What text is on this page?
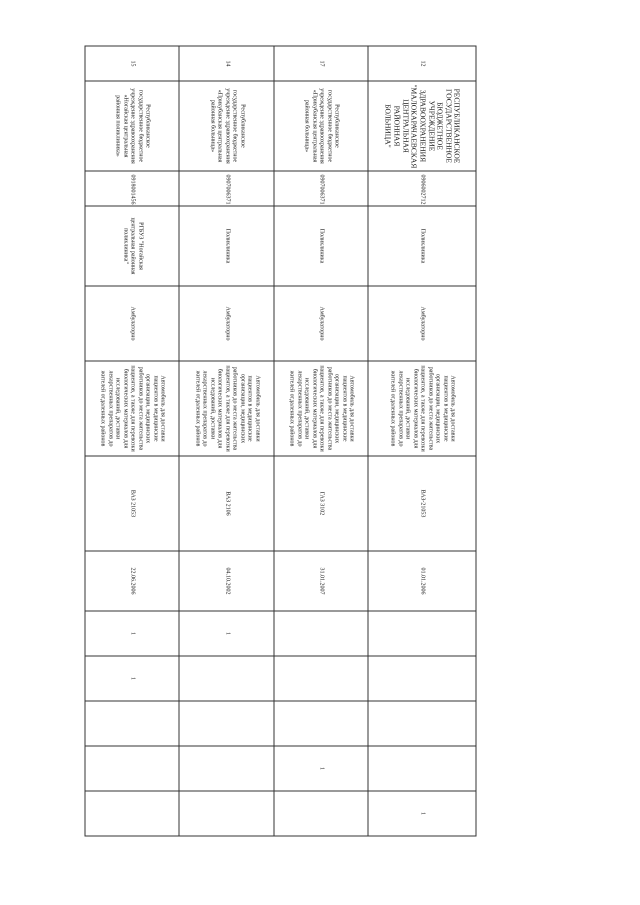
12	РЕСПУБЛИКАНСКОЕ ГОСУДАРСТВЕННОЕ БЮДЖЕТНОЕ УЧРЕЖДЕНИЕ ЗДРАВООХРАНЕНИЯ "МАЛОКАРАЧАЕВСКАЯ ЦЕНТРАЛЬНАЯ РАЙОННАЯ БОЛЬНИЦА"	0906002712	Поликлиника	Амбулаторно	Автомобиль для доставки пациентов в медицинские организации, медицинских работников до места жительства пациентов, а также для перевозки биологических материалов для исследований, доставки лекарственных препаратов до жителей отдаленных районов	ВАЗ-21053	01.01.2006					1
17	Республиканское государственное бюджетное учреждение здравоохранения «Прикубанская центральная районная больница»	0907006371	Поликлиника	Амбулаторно	Автомобиль для доставки пациентов в медицинские организации, медицинских работников до места жительства пациентов, а также для перевозки биологических материалов для исследований, доставки лекарственных препаратов до жителей отдаленных районов	ГАЗ 3102	31.01.2007				1	
14	Республиканское государственное бюджетное учреждение здравоохранения «Прикубанская центральная районная больница»	0907006371	Поликлиника	Амбулаторно	Автомобиль для доставки пациентов в медицинские организации, медицинских работников до места жительства пациентов, а также для перевозки биологических материалов для исследований, доставки лекарственных препаратов до жителей отдаленных районов	ВАЗ 2106	04.10.2002	1				
15	Республиканское государственное бюджетное учреждение здравоохранения «Ногайская центральная районная поликлиника»	0918001456	РГБУЗ "Ногайская центральная районная поликлиника"	Амбулаторно	Автомобиль для доставки пациентов в медицинские организации, медицинских работников до места жительства пациентов, а также для перевозки биологических материалов для исследований, доставки лекарственных препаратов до жителей отдаленных районов	ВАЗ 21053	22.06.2006	1	1			
